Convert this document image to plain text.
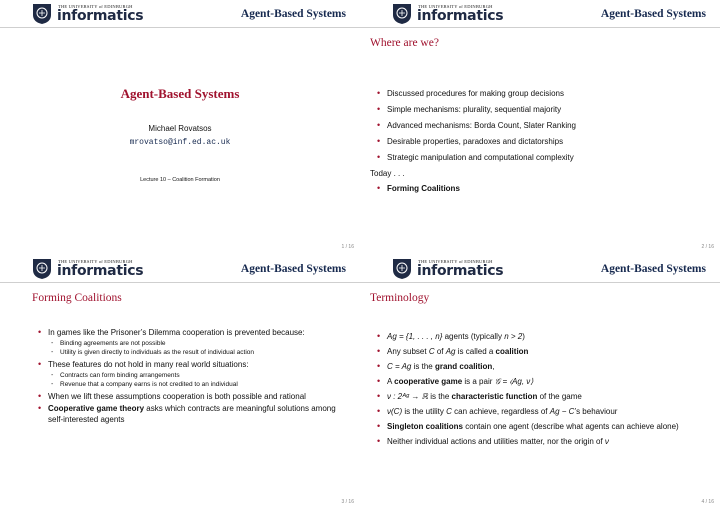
THE UNIVERSITY of EDINBURGH
informatics	Agent-Based Systems
Agent-Based Systems
Michael Rovatsos
mrovatso@inf.ed.ac.uk
Lecture 10 – Coalition Formation
1 / 16
THE UNIVERSITY of EDINBURGH
informatics	Agent-Based Systems
Where are we?
• Discussed procedures for making group decisions
• Simple mechanisms: plurality, sequential majority
• Advanced mechanisms: Borda Count, Slater Ranking
• Desirable properties, paradoxes and dictatorships
• Strategic manipulation and computational complexity
Today . . .
• Forming Coalitions
2 / 16
THE UNIVERSITY of EDINBURGH
informatics	Agent-Based Systems
Forming Coalitions
• In games like the Prisoner’s Dilemma cooperation is prevented because:
- Binding agreements are not possible
- Utility is given directly to individuals as the result of individual action
• These features do not hold in many real world situations:
- Contracts can form binding arrangements
- Revenue that a company earns is not credited to an individual
• When we lift these assumptions cooperation is both possible and rational
• Cooperative game theory asks which contracts are meaningful solutions among self-interested agents
3 / 16
THE UNIVERSITY of EDINBURGH
informatics	Agent-Based Systems
Terminology
• Ag = {1, . . . , n} agents (typically n > 2)
• Any subset C of Ag is called a coalition
• C = Ag is the grand coalition,
• A cooperative game is a pair 𝒢 = ⟨Ag, ν⟩
• ν : 2ᴬᵍ → ℝ is the characteristic function of the game
• ν(C) is the utility C can achieve, regardless of Ag − C’s behaviour
• Singleton coalitions contain one agent (describe what agents can achieve alone)
• Neither individual actions and utilities matter, nor the origin of ν
4 / 16
